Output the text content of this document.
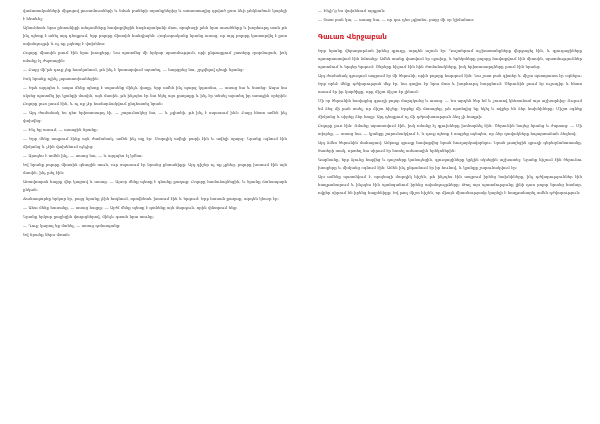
վաճառականների միջոցով լուսամուտների և նման բաների արանքներից և առաստաղից դրված ըստ ձևի թեկնածուն կարելի է հետևել։

Այնուհետև նրա ընտանիքի անդամները հավաքվեցին հոգևորականի մոտ, որպեսզի լսեն նրա ասածները և խորհուրդ տան թե ինչ պետք է անել այդ դեպքում, երբ բոլորը միասին հանդիպեն։ Հոգևորականը նրանց ասաց, որ այդ բոլորը կատարվել է ըստ ավանդույթի և ոչ ոք չպետք է վախենա։

Բոլորը միասին լսում էին նրա խոսքերը։ Նա պատմեց մի երկար պատմություն, որի ընթացքում շատերը զարմացան, իսկ ոմանք էլ ժպտացին։

— Բայց մի՞թե դուք չեք հասկանում, թե ինչ է կատարվում այստեղ, — հարցրեց նա, շրջվելով դեպի նրանց։

Իսկ նրանք ոչինչ չպատասխանեցին։

— Եթե այդպես է, ապա մենք պետք է սպասենք մինչև վաղը, երբ ամեն ինչ պարզ կդառնա, — ասաց նա և նստեց։ Ապա նա սկսեց պատմել իր կյանքի մասին, այն մասին, թե ինչպես էր նա եկել այս քաղաքը և ինչ էր տեսել այստեղ իր առաջին օրերին։ Բոլորը լուռ լսում էին, և ոչ ոք չէր համարձակվում ընդհատել նրան։

— Այդ ժամանակ ես դեռ երիտասարդ էի, — շարունակեց նա, — և չգիտեի, թե ինչ է սպասում ինձ։ Բայց հետո ամեն ինչ փոխվեց։

— Ինչ եք ասում, — ասացին նրանք։

— Երբ մենք ապրում էինք այն ժամանակ, ամեն ինչ այլ էր։ Մարդիկ ավելի բարի էին և ավելի պարզ։ Նրանք օգնում էին միմյանց և չէին վախենում ոչնչից։

— Այսպես է ամեն ինչ, — ասաց նա, — և այդպես էլ կմնա։

Եվ նրանք բոլորը միասին գնացին տուն, ուր սպասում էր նրանց ընտանիքը։ Այդ գիշեր ոչ ոք չքնեց, բոլորը խոսում էին այն մասին, ինչ լսել էին։

Առավոտյան հայրը վեր կացավ և ասաց. — Այսօր մենք պետք է գնանք քաղաք։ Բոլորը համաձայնեցին, և նրանք ճանապարհ ընկան։

Ճանապարհը երկար էր, բայց նրանք չէին հոգնում, որովհետև խոսում էին և երգում։ Երբ հասան քաղաք, արդեն կեսօր էր։

— Ահա մենք հասանք, — ասաց հայրը։ — Այժմ մենք պետք է գտնենք այն մարդուն, որին փնտրում ենք։

Նրանք երկար քայլեցին փողոցներով, մինչև գտան նրա տունը։

— Դուք կարող եք մտնել, — ասաց դռնապանը։

Եվ նրանք ներս մտան։

— Ինչի՞ց ես վախենում այդքան։

— Շատ բան կա, — ասաց նա, — որ դու դեռ չգիտես, բայց մի օր կիմանաս։

Գաւառ Վերջաբան

Երբ նրանք վերադարձան իրենց գյուղը, արդեն աշուն էր։ Դաշտերում աշխատանքները վերջացել էին, և գյուղացիները պատրաստվում էին ձմռանը։ Ամեն տանը վառվում էր օջախը, և երեկոները բոլորը հավաքվում էին միասին, պատմություններ պատմում և երգեր երգում։ Ծերերը հիշում էին հին ժամանակները, իսկ երիտասարդները լսում էին նրանց։

Այդ ժամանակ գյուղում ապրում էր մի ծերունի, որին բոլորը հարգում էին։ Նա շատ բան գիտեր և միշտ պատրաստ էր օգնելու։ Երբ որևէ մեկը դժվարության մեջ էր, նա գալիս էր նրա մոտ և խորհուրդ հարցնում։ Ծերունին լսում էր ուշադիր և հետո ասում էր իր կարծիքը, որը միշտ ճիշտ էր լինում։

Մի օր ծերունին հավաքեց գյուղի բոլոր մարդկանց և ասաց. — Ես արդեն ծեր եմ և շուտով կհեռանամ այս աշխարհից։ Ուզում եմ ձեզ մի բան ասել, որ միշտ հիշեք։ Երբեք մի մոռացեք, թե որտեղից եք եկել և ովքեր են ձեր նախնիները։ Միշտ օգնեք միմյանց և սիրեք ձեր հողը։ Այդ դեպքում ոչ մի դժբախտություն ձեզ չի հաղթի։

Բոլորը լուռ էին։ Ոմանք արտասվում էին, իսկ ոմանք էլ գլուխները խոնարհել էին։ Ծերունին նայեց նրանց և ժպտաց։ — Մի տխրեք, — ասաց նա, — կյանքը շարունակվում է, և դուք պետք է ապրեք այնպես, որ ձեր զավակները հպարտանան ձեզնով։

Այդ ձմեռ ծերունին մահացավ։ Ամբողջ գյուղը հավաքվեց նրան հուղարկավորելու։ Նրան թաղեցին գյուղի գերեզմանատանը, ծառերի տակ, որտեղ նա սիրում էր նստել ամառային երեկոներին։

Գարնանը, երբ ձյունը հալվեց և դաշտերը կանաչեցին, գյուղացիները կրկին սկսեցին աշխատել։ Նրանք հիշում էին ծերունու խոսքերը և միմյանց օգնում էին։ Ամեն ինչ ընթանում էր իր հունով, և կյանքը շարունակվում էր։

Այս ամենը պատմվում է, որպեսզի մարդիկ հիշեն, թե ինչպես էին ապրում իրենց նախնիները, ինչ դժվարություններ էին հաղթահարում և ինչպես էին պահպանում իրենց ավանդույթները։ Թող այս պատմությունը լինի դաս բոլոր նրանց համար, ովքեր սիրում են իրենց հայրենիքը։ Եվ թող միշտ հիշեն, որ միայն միասնությամբ կարելի է հաղթահարել ամեն դժվարություն։
